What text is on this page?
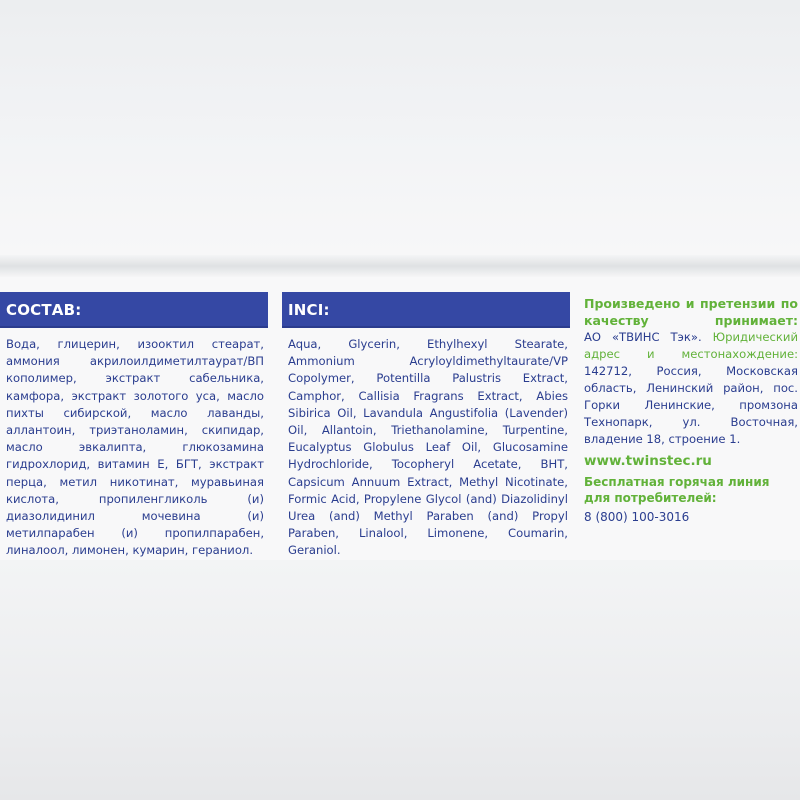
СОСТАВ:
Вода, глицерин, изооктил стеарат, аммония акрилоилдиметилтаурат/ВП кополимер, экстракт сабельника, камфора, экстракт золотого уса, масло пихты сибирской, масло лаванды, аллантоин, триэтаноламин, скипидар, масло эвкалипта, глюкозамина гидрохлорид, витамин Е, БГТ, экстракт перца, метил никотинат, муравьиная кислота, пропиленгликоль (и) диазолидинил мочевина (и) метилпарабен (и) пропилпарабен, линалоол, лимонен, кумарин, гераниол.
INCI:
Aqua, Glycerin, Ethylhexyl Stearate, Ammonium Acryloyldimethyltaurate/VP Copolymer, Potentilla Palustris Extract, Camphor, Callisia Fragrans Extract, Abies Sibirica Oil, Lavandula Angustifolia (Lavender) Oil, Allantoin, Triethanolamine, Turpentine, Eucalyptus Globulus Leaf Oil, Glucosamine Hydrochloride, Tocopheryl Acetate, BHT, Capsicum Annuum Extract, Methyl Nicotinate, Formic Acid, Propylene Glycol (and) Diazolidinyl Urea (and) Methyl Paraben (and) Propyl Paraben, Linalool, Limonene, Coumarin, Geraniol.
Произведено и претензии по качеству принимает:
АО «ТВИНС Тэк». Юридический адрес и местонахождение: 142712, Россия, Московская область, Ленинский район, пос. Горки Ленинские, промзона Технопарк, ул. Восточная, владение 18, строение 1.
www.twinstec.ru
Бесплатная горячая линия для потребителей:
8 (800) 100-3016
